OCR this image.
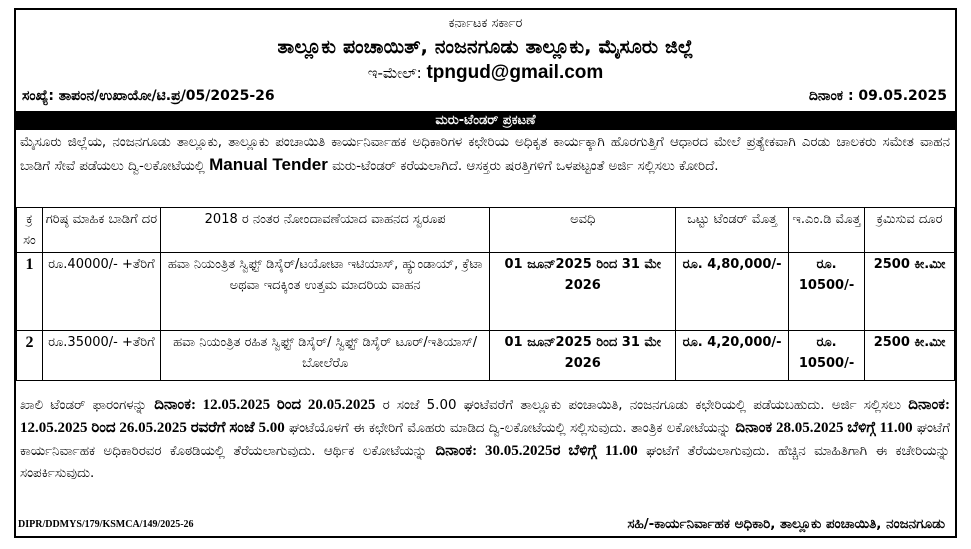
ಕರ್ನಾಟಕ ಸರ್ಕಾರ
ತಾಲ್ಲೂಕು ಪಂಚಾಯಿತ್, ನಂಜನಗೂಡು ತಾಲ್ಲೂಕು, ಮೈಸೂರು ಜಿಲ್ಲೆ
ಇ-ಮೇಲ್: tpngud@gmail.com
ಸಂಖ್ಯೆ: ತಾಪಂನ/ಉಖಾಯೋ/ಟಿ.ಪ್ರ/05/2025-26	ದಿನಾಂಕ : 09.05.2025
ಮರು-ಟೆಂಡರ್ ಪ್ರಕಟಣೆ
ಮೈಸೂರು ಜಿಲ್ಲೆಯ, ನಂಜನಗೂಡು ತಾಲ್ಲೂಕು, ತಾಲ್ಲೂಕು ಪಂಚಾಯಿತಿ ಕಾರ್ಯನಿರ್ವಾಹಕ ಅಧಿಕಾರಿಗಳ ಕಛೇರಿಯ ಅಧಿಕೃತ ಕಾರ್ಯಕ್ಕಾಗಿ ಹೊರಗುತ್ತಿಗೆ ಆಧಾರದ ಮೇಲೆ ಪ್ರತ್ಯೇಕವಾಗಿ ಎರಡು ಚಾಲಕರು ಸಮೇತ ವಾಹನ ಬಾಡಿಗೆ ಸೇವೆ ಪಡೆಯಲು ದ್ವಿ-ಲಕೋಟೆಯಲ್ಲಿ Manual Tender ಮರು-ಟೆಂಡರ್ ಕರೆಯಲಾಗಿದೆ. ಆಸಕ್ತರು ಷರತ್ತಿಗಳಿಗೆ ಒಳಪಟ್ಟಂತೆ ಅರ್ಜಿ ಸಲ್ಲಿಸಲು ಕೋರಿದೆ.
ಕ್ರ ಸಂ	ಗರಿಷ್ಠ ಮಾಹಿಕ ಬಾಡಿಗೆ ದರ	2018 ರ ನಂತರ ನೋಂದಾವಣೆಯಾದ ವಾಹನದ ಸ್ವರೂಪ	ಅವಧಿ	ಒಟ್ಟು ಟೆಂಡರ್ ಮೊತ್ತ	ಇ.ಎಂ.ಡಿ ಮೊತ್ತ	ಕ್ರಮಿಸುವ ದೂರ
1	ರೂ.40000/- +ತೆರಿಗೆ	ಹವಾ ನಿಯಂತ್ರಿತ ಸ್ವಿಫ್ಟ್ ಡಿಸೈರ್/ಟಯೋಟಾ ಇಟಿಯಾಸ್, ಹ್ಯುಂಡಾಯ್, ಕ್ರೆಟಾ ಅಥವಾ ಇದಕ್ಕಿಂತ ಉತ್ತಮ ಮಾದರಿಯ ವಾಹನ	01 ಜೂನ್2025 ರಿಂದ 31 ಮೇ 2026	ರೂ. 4,80,000/-	ರೂ. 10500/-	2500 ಕೀ.ಮೀ
2	ರೂ.35000/- +ತೆರಿಗೆ	ಹವಾ ನಿಯಂತ್ರಿತ ರಹಿತ ಸ್ವಿಫ್ಟ್ ಡಿಸೈರ್/ ಸ್ವಿಫ್ಟ್ ಡಿಸೈರ್ ಟೂರ್/ಇತಿಯಾಸ್/ಬೋಲೆರೊ	01 ಜೂನ್2025 ರಿಂದ 31 ಮೇ 2026	ರೂ. 4,20,000/-	ರೂ. 10500/-	2500 ಕೀ.ಮೀ
ಖಾಲಿ ಟೆಂಡರ್ ಫಾರಂಗಳನ್ನು ದಿನಾಂಕ: 12.05.2025 ರಿಂದ 20.05.2025 ರ ಸಂಜೆ 5.00 ಘಂಟೆವರೆಗೆ ತಾಲ್ಲೂಕು ಪಂಚಾಯಿತಿ, ನಂಜನಗೂಡು ಕಛೇರಿಯಲ್ಲಿ ಪಡೆಯಬಹುದು. ಅರ್ಜಿ ಸಲ್ಲಿಸಲು ದಿನಾಂಕ: 12.05.2025 ರಿಂದ 26.05.2025 ರವರೆಗೆ ಸಂಜೆ 5.00 ಘಂಟೆಯೊಳಗೆ ಈ ಕಛೇರಿಗೆ ಮೊಹರು ಮಾಡಿದ ದ್ವಿ-ಲಕೋಟೆಯಲ್ಲಿ ಸಲ್ಲಿಸುವುದು. ತಾಂತ್ರಿಕ ಲಕೋಟೆಯನ್ನು ದಿನಾಂಕ 28.05.2025 ಬೆಳಿಗ್ಗೆ 11.00 ಘಂಟೆಗೆ ಕಾರ್ಯನಿರ್ವಾಹಕ ಅಧಿಕಾರಿರವರ ಕೊಠಡಿಯಲ್ಲಿ ತೆರೆಯಲಾಗುವುದು. ಆರ್ಥಿಕ ಲಕೋಟೆಯನ್ನು ದಿನಾಂಕ: 30.05.2025ರ ಬೆಳಿಗ್ಗೆ 11.00 ಘಂಟೆಗೆ ತೆರೆಯಲಾಗುವುದು. ಹೆಚ್ಚಿನ ಮಾಹಿತಿಗಾಗಿ ಈ ಕಚೇರಿಯನ್ನು ಸಂಪರ್ಕಿಸುವುದು.
DIPR/DDMYS/179/KSMCA/149/2025-26	ಸಹಿ/-ಕಾರ್ಯನಿರ್ವಾಹಕ ಅಧಿಕಾರಿ, ತಾಲ್ಲೂಕು ಪಂಚಾಯಿತಿ, ನಂಜನಗೂಡು
